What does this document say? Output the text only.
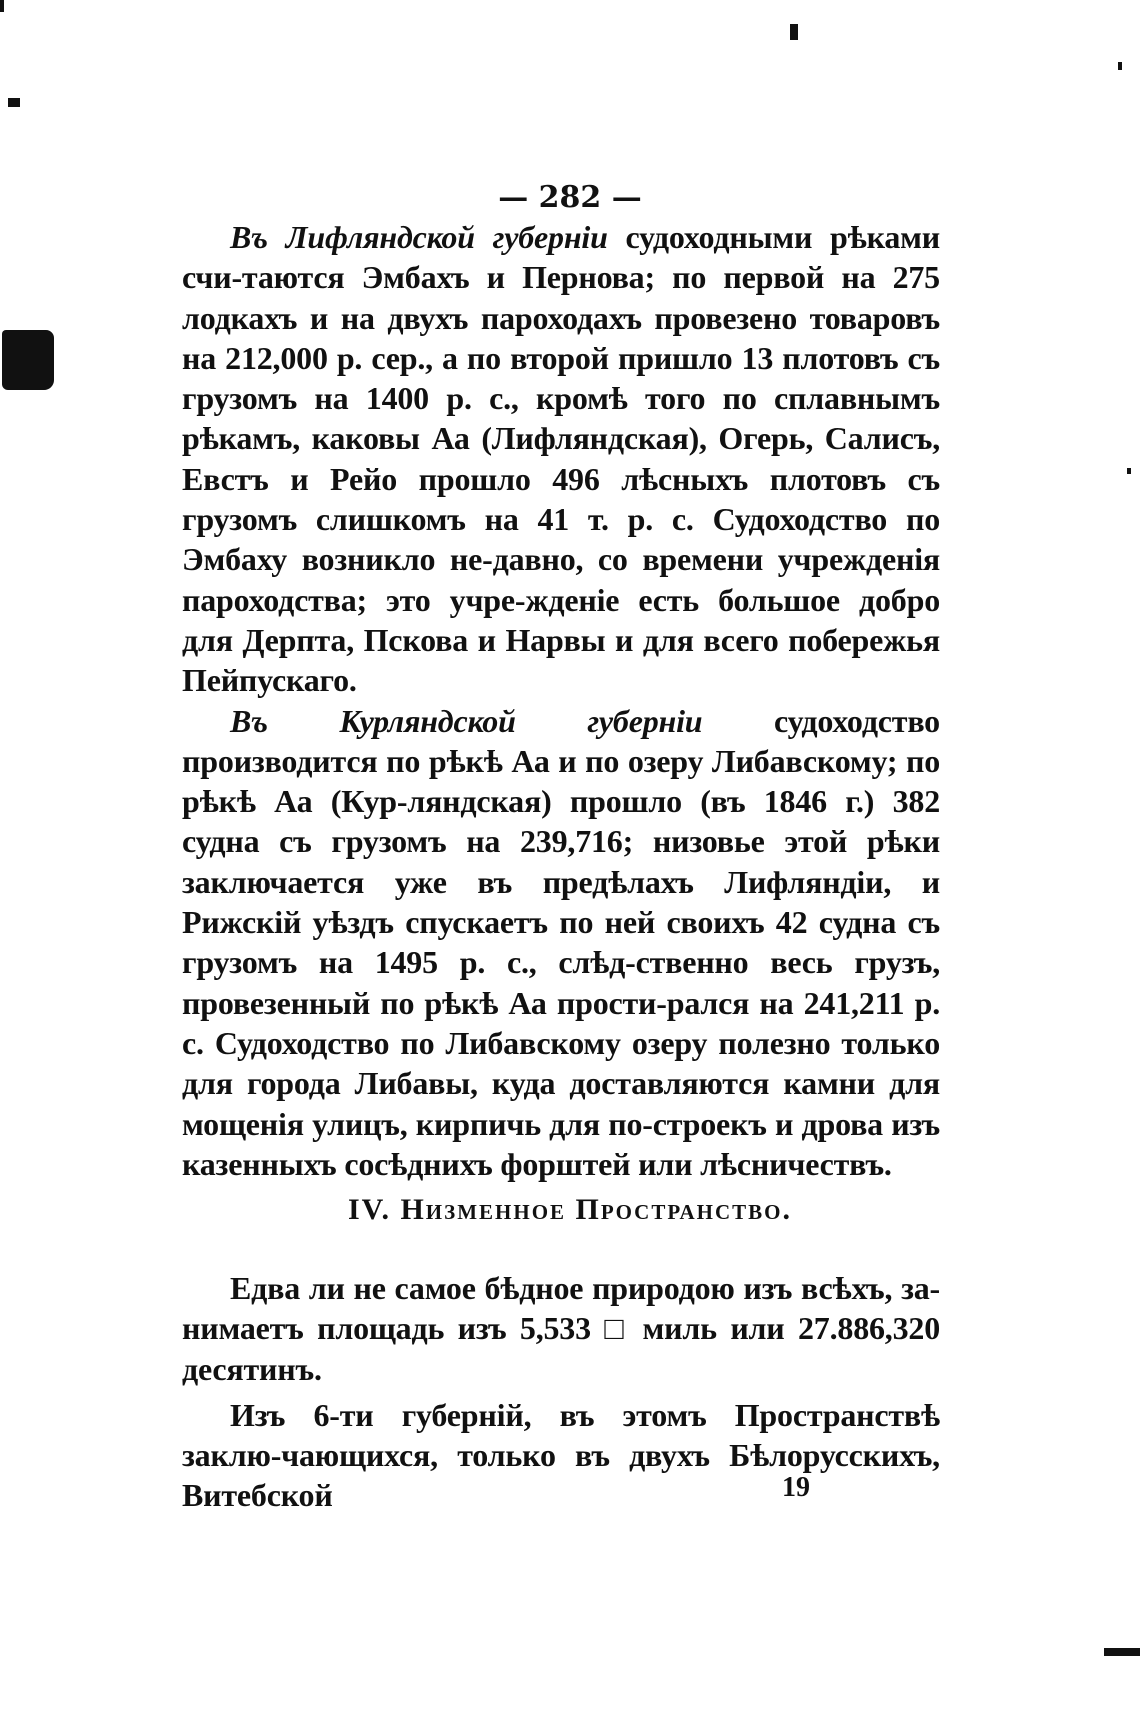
— 282 —

Въ Лифляндской губерніи судоходными рѣками счи-таются Эмбахъ и Пернова; по первой на 275 лодкахъ и на двухъ пароходахъ провезено товаровъ на 212,000 р. сер., а по второй пришло 13 плотовъ съ грузомъ на 1400 р. с., кромѣ того по сплавнымъ рѣкамъ, каковы Аа (Лифляндская), Огерь, Салисъ, Евстъ и Рейо прошло 496 лѣсныхъ плотовъ съ грузомъ слишкомъ на 41 т. р. с. Судоходство по Эмбаху возникло не-давно, со времени учрежденія пароходства; это учре-жденіе есть большое добро для Дерпта, Пскова и Нарвы и для всего побережья Пейпускаго.

Въ Курляндской губерніи судоходство производится по рѣкѣ Аа и по озеру Либавскому; по рѣкѣ Аа (Кур-ляндская) прошло (въ 1846 г.) 382 судна съ грузомъ на 239,716; низовье этой рѣки заключается уже въ предѣлахъ Лифляндіи, и Рижскій уѣздъ спускаетъ по ней своихъ 42 судна съ грузомъ на 1495 р. с., слѣд-ственно весь грузъ, провезенный по рѣкѣ Аа прости-рался на 241,211 р. с. Судоходство по Либавскому озеру полезно только для города Либавы, куда доставляются камни для мощенія улицъ, кирпичь для по-строекъ и дрова изъ казенныхъ сосѣднихъ форштей или лѣсничествъ.

IV. Низменное Пространство.

Едва ли не самое бѣдное природою изъ всѣхъ, за-нимаетъ площадь изъ 5,533 □ миль или 27.886,320 десятинъ.

Изъ 6-ти губерній, въ этомъ Пространствѣ заклю-чающихся, только въ двухъ Бѣлорусскихъ, Витебской	19
